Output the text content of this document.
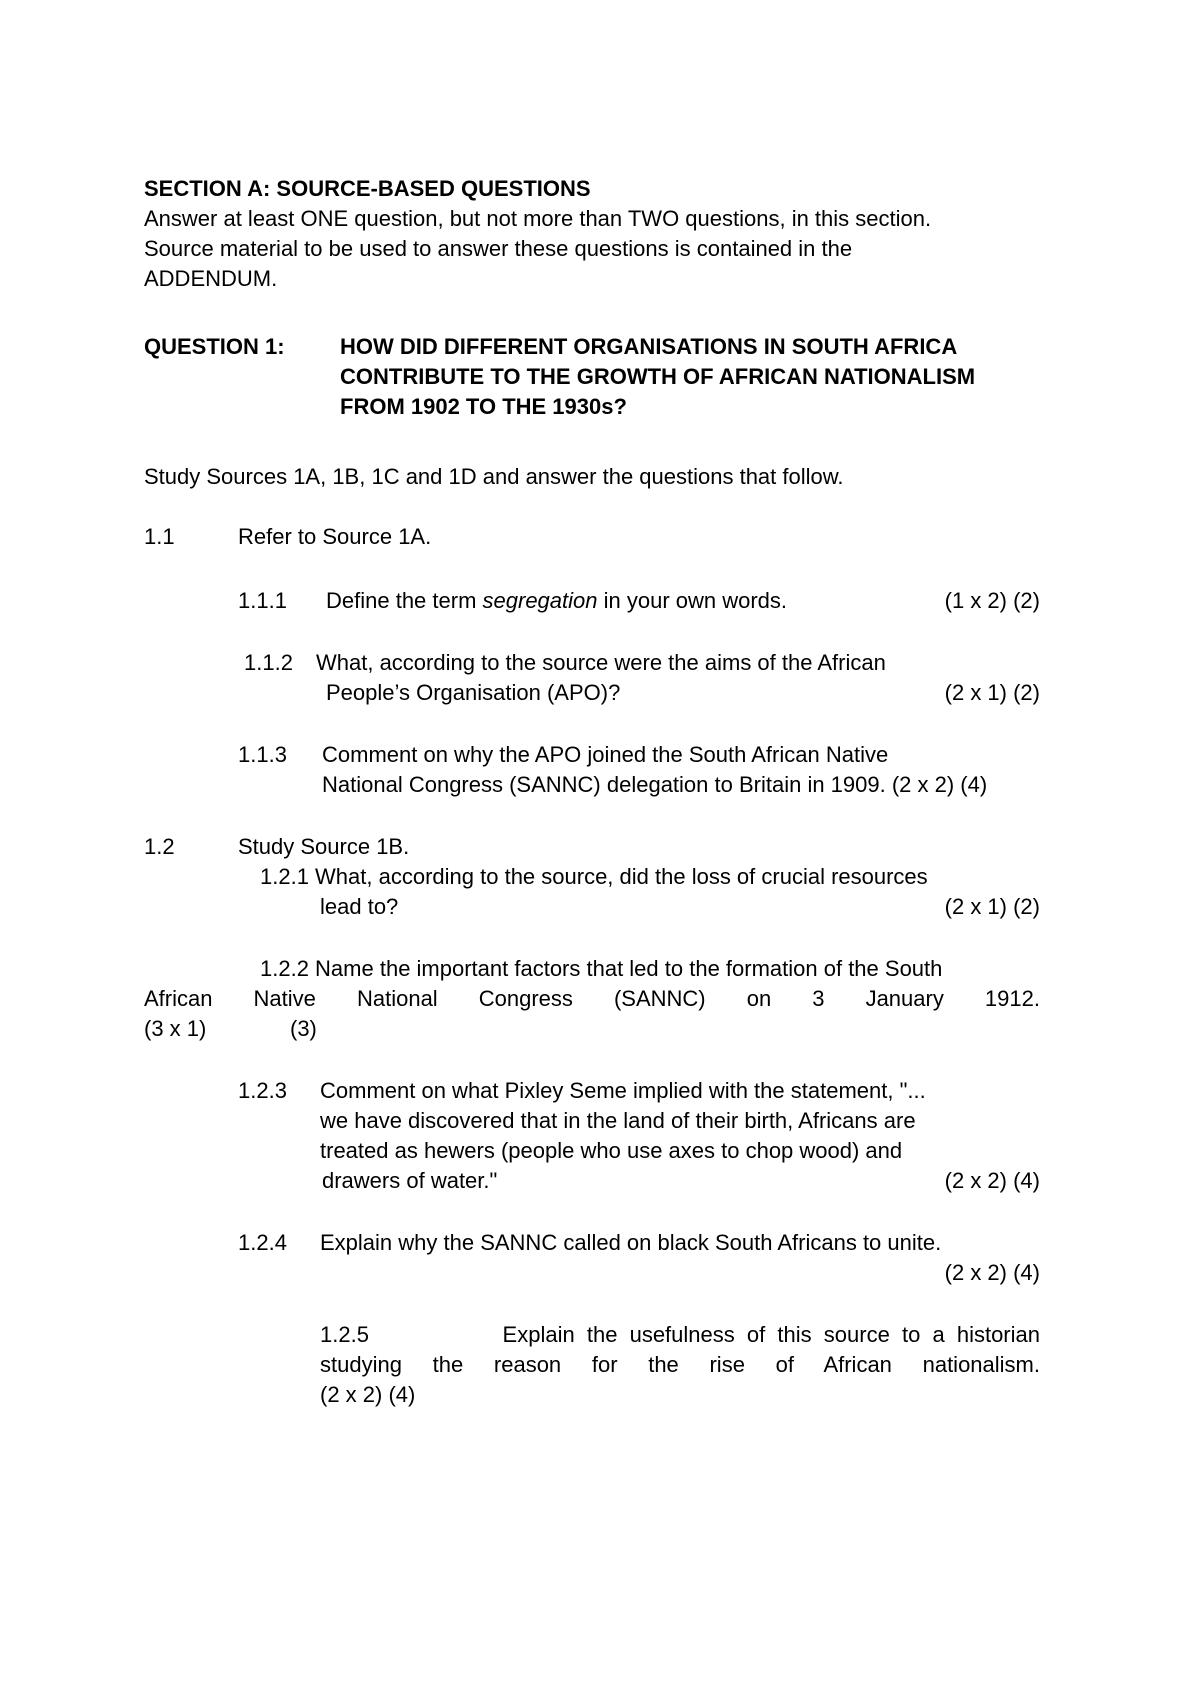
SECTION A: SOURCE-BASED QUESTIONS
Answer at least ONE question, but not more than TWO questions, in this section.
Source material to be used to answer these questions is contained in the
ADDENDUM.
QUESTION 1:	HOW DID DIFFERENT ORGANISATIONS IN SOUTH AFRICA
CONTRIBUTE TO THE GROWTH OF AFRICAN NATIONALISM
FROM 1902 TO THE 1930s?
Study Sources 1A, 1B, 1C and 1D and answer the questions that follow.
1.1	Refer to Source 1A.
1.1.1 Define the term segregation in your own words.	(1 x 2) (2)
1.1.2 What, according to the source were the aims of the African
People’s Organisation (APO)?	(2 x 1) (2)
1.1.3 Comment on why the APO joined the South African Native
National Congress (SANNC) delegation to Britain in 1909. (2 x 2) (4)
1.2	Study Source 1B.
1.2.1 What, according to the source, did the loss of crucial resources
lead to?	(2 x 1) (2)
1.2.2 Name the important factors that led to the formation of the South
African Native National Congress (SANNC) on 3 January 1912.
(3 x 1)	(3)
1.2.3 Comment on what Pixley Seme implied with the statement, "...
we have discovered that in the land of their birth, Africans are
treated as hewers (people who use axes to chop wood) and
drawers of water."	(2 x 2) (4)
1.2.4 Explain why the SANNC called on black South Africans to unite.
(2 x 2) (4)
1.2.5           Explain the usefulness of this source to a historian
studying the reason for the rise of African nationalism.
(2 x 2) (4)
